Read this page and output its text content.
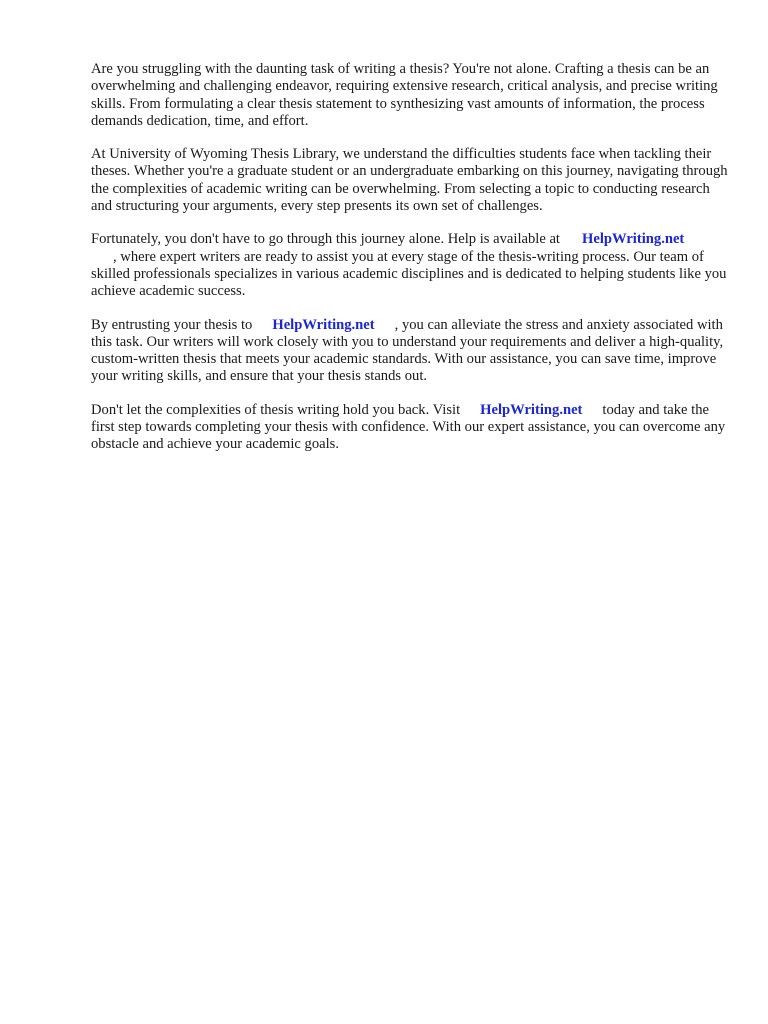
Are you struggling with the daunting task of writing a thesis? You're not alone. Crafting a thesis can be an overwhelming and challenging endeavor, requiring extensive research, critical analysis, and precise writing skills. From formulating a clear thesis statement to synthesizing vast amounts of information, the process demands dedication, time, and effort.

At University of Wyoming Thesis Library, we understand the difficulties students face when tackling their theses. Whether you're a graduate student or an undergraduate embarking on this journey, navigating through the complexities of academic writing can be overwhelming. From selecting a topic to conducting research and structuring your arguments, every step presents its own set of challenges.

Fortunately, you don't have to go through this journey alone. Help is available at HelpWriting.net
, where expert writers are ready to assist you at every stage of the thesis-writing process. Our team of skilled professionals specializes in various academic disciplines and is dedicated to helping students like you achieve academic success.

By entrusting your thesis to HelpWriting.net , you can alleviate the stress and anxiety associated with this task. Our writers will work closely with you to understand your requirements and deliver a high-quality, custom-written thesis that meets your academic standards. With our assistance, you can save time, improve your writing skills, and ensure that your thesis stands out.

Don't let the complexities of thesis writing hold you back. Visit HelpWriting.net today and take the first step towards completing your thesis with confidence. With our expert assistance, you can overcome any obstacle and achieve your academic goals.
